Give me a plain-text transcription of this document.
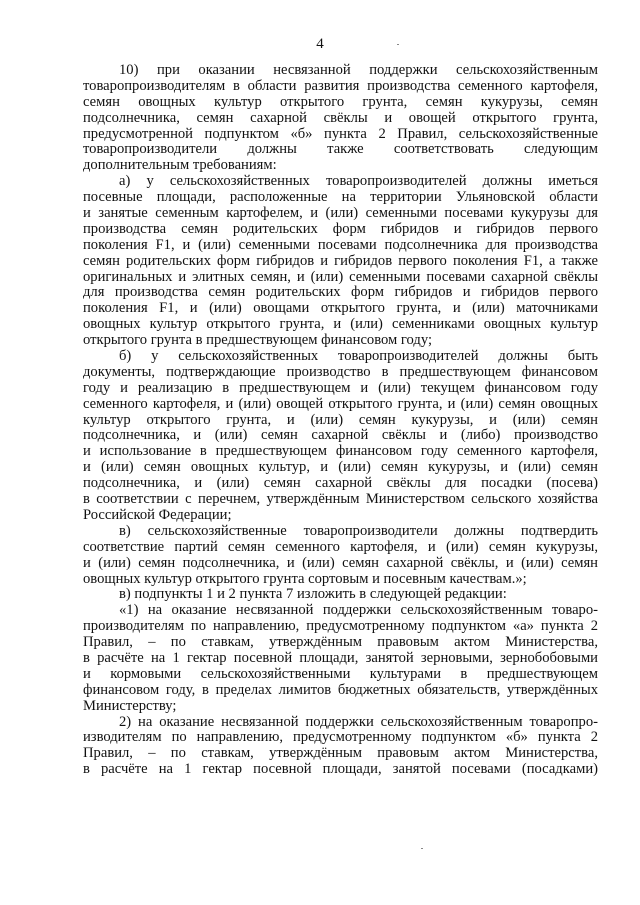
4
10) при оказании несвязанной поддержки сельскохозяйственным
товаропроизводителям в области развития производства семенного картофеля,
семян овощных культур открытого грунта, семян кукурузы, семян
подсолнечника, семян сахарной свёклы и овощей открытого грунта,
предусмотренной подпунктом «б» пункта 2 Правил, сельскохозяйственные
товаропроизводители должны также соответствовать следующим
дополнительным требованиям:
а) у сельскохозяйственных товаропроизводителей должны иметься
посевные площади, расположенные на территории Ульяновской области
и занятые семенным картофелем, и (или) семенными посевами кукурузы для
производства семян родительских форм гибридов и гибридов первого
поколения F1, и (или) семенными посевами подсолнечника для производства
семян родительских форм гибридов и гибридов первого поколения F1, а также
оригинальных и элитных семян, и (или) семенными посевами сахарной свёклы
для производства семян родительских форм гибридов и гибридов первого
поколения F1, и (или) овощами открытого грунта, и (или) маточниками
овощных культур открытого грунта, и (или) семенниками овощных культур
открытого грунта в предшествующем финансовом году;
б) у сельскохозяйственных товаропроизводителей должны быть
документы, подтверждающие производство в предшествующем финансовом
году и реализацию в предшествующем и (или) текущем финансовом году
семенного картофеля, и (или) овощей открытого грунта, и (или) семян овощных
культур открытого грунта, и (или) семян кукурузы, и (или) семян
подсолнечника, и (или) семян сахарной свёклы и (либо) производство
и использование в предшествующем финансовом году семенного картофеля,
и (или) семян овощных культур, и (или) семян кукурузы, и (или) семян
подсолнечника, и (или) семян сахарной свёклы для посадки (посева)
в соответствии с перечнем, утверждённым Министерством сельского хозяйства
Российской Федерации;
в) сельскохозяйственные товаропроизводители должны подтвердить
соответствие партий семян семенного картофеля, и (или) семян кукурузы,
и (или) семян подсолнечника, и (или) семян сахарной свёклы, и (или) семян
овощных культур открытого грунта сортовым и посевным качествам.»;
в) подпункты 1 и 2 пункта 7 изложить в следующей редакции:
«1) на оказание несвязанной поддержки сельскохозяйственным товаро-
производителям по направлению, предусмотренному подпунктом «а» пункта 2
Правил, – по ставкам, утверждённым правовым актом Министерства,
в расчёте на 1 гектар посевной площади, занятой зерновыми, зернобобовыми
и кормовыми сельскохозяйственными культурами в предшествующем
финансовом году, в пределах лимитов бюджетных обязательств, утверждённых
Министерству;
2) на оказание несвязанной поддержки сельскохозяйственным товаропро-
изводителям по направлению, предусмотренному подпунктом «б» пункта 2
Правил, – по ставкам, утверждённым правовым актом Министерства,
в расчёте на 1 гектар посевной площади, занятой посевами (посадками)
